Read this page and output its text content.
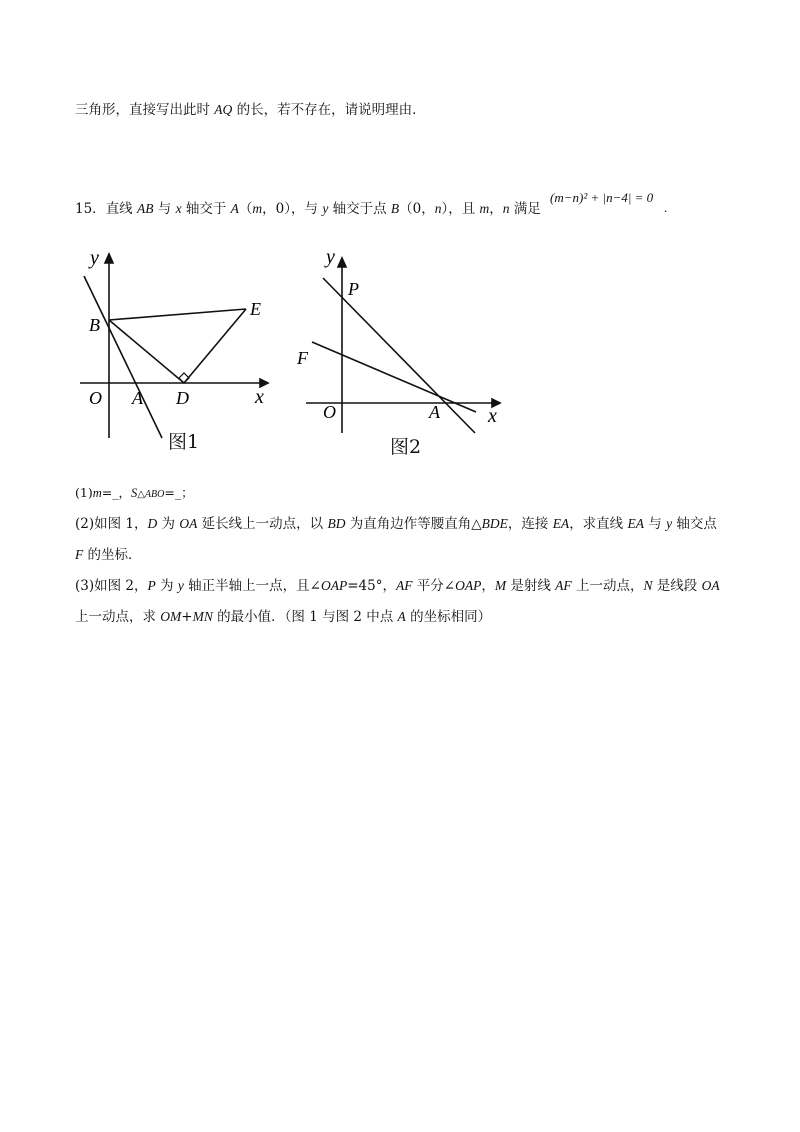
三角形，直接写出此时 AQ 的长，若不存在，请说明理由．
15．直线 AB 与 x 轴交于 A（m，0），与 y 轴交于点 B（0，n），且 m，n 满足
(m−n)² + |n−4| = 0
.
y
x
O A
B
D
E
图1
y
x
O	A
P
F
图2
(1)m=_，S△ABO=_；
(2)如图 1，D 为 OA 延长线上一动点，以 BD 为直角边作等腰直角△BDE，连接 EA，求直线 EA 与 y 轴交点
F 的坐标．
(3)如图 2，P 为 y 轴正半轴上一点，且∠OAP=45°，AF 平分∠OAP，M 是射线 AF 上一动点，N 是线段 OA
上一动点，求 OM+MN 的最小值．（图 1 与图 2 中点 A 的坐标相同）
